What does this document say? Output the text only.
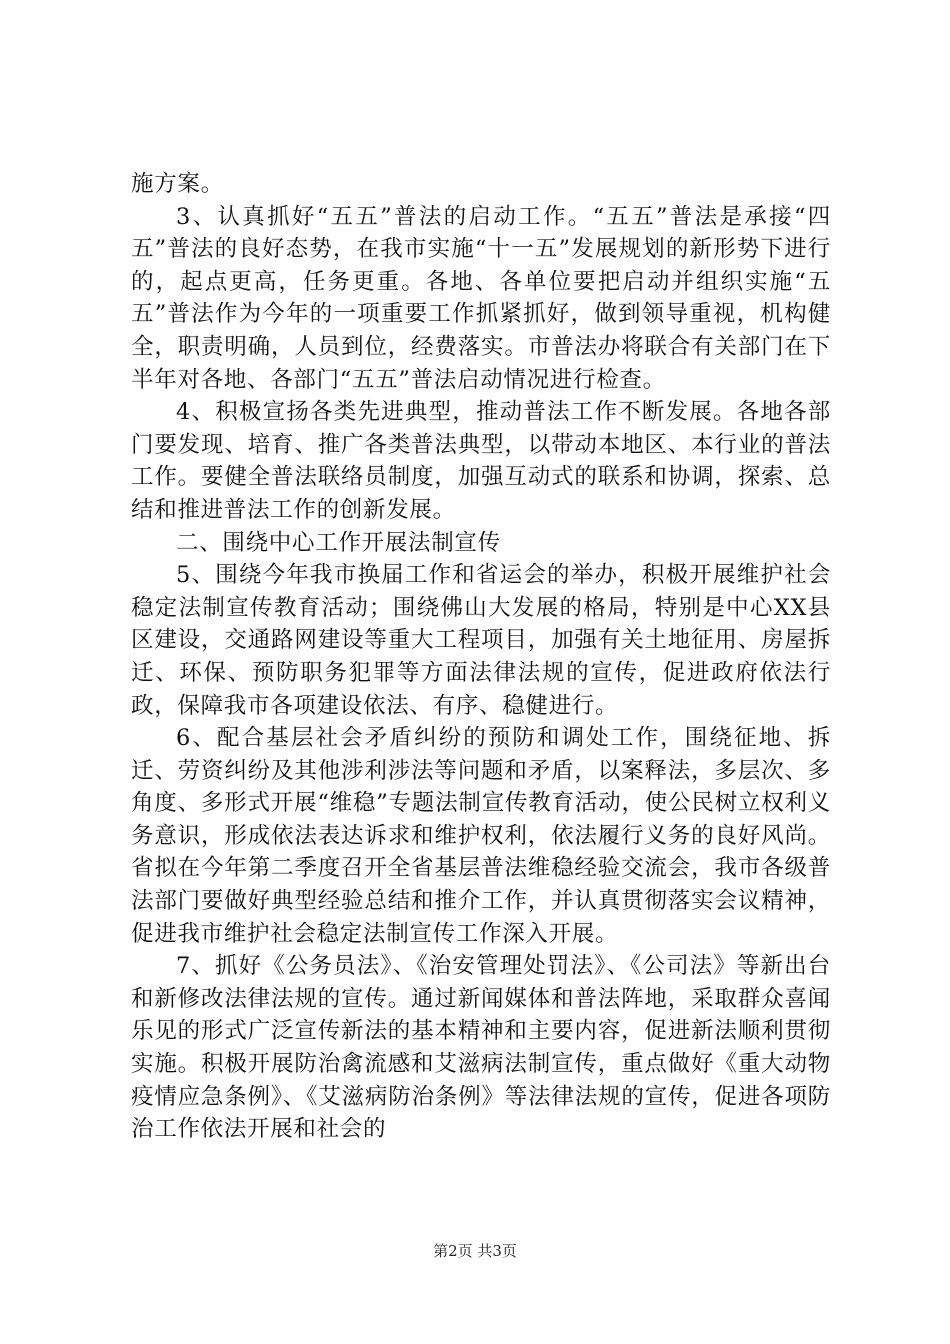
施方案。

3、认真抓好“五五”普法的启动工作。“五五”普法是承接“四五”普法的良好态势，在我市实施“十一五”发展规划的新形势下进行的，起点更高，任务更重。各地、各单位要把启动并组织实施“五五”普法作为今年的一项重要工作抓紧抓好，做到领导重视，机构健全，职责明确，人员到位，经费落实。市普法办将联合有关部门在下半年对各地、各部门“五五”普法启动情况进行检查。

4、积极宣扬各类先进典型，推动普法工作不断发展。各地各部门要发现、培育、推广各类普法典型，以带动本地区、本行业的普法工作。要健全普法联络员制度，加强互动式的联系和协调，探索、总结和推进普法工作的创新发展。

二、围绕中心工作开展法制宣传

5、围绕今年我市换届工作和省运会的举办，积极开展维护社会稳定法制宣传教育活动；围绕佛山大发展的格局，特别是中心XX县区建设，交通路网建设等重大工程项目，加强有关土地征用、房屋拆迁、环保、预防职务犯罪等方面法律法规的宣传，促进政府依法行政，保障我市各项建设依法、有序、稳健进行。

6、配合基层社会矛盾纠纷的预防和调处工作，围绕征地、拆迁、劳资纠纷及其他涉利涉法等问题和矛盾，以案释法，多层次、多角度、多形式开展“维稳”专题法制宣传教育活动，使公民树立权利义务意识，形成依法表达诉求和维护权利，依法履行义务的良好风尚。省拟在今年第二季度召开全省基层普法维稳经验交流会，我市各级普法部门要做好典型经验总结和推介工作，并认真贯彻落实会议精神，促进我市维护社会稳定法制宣传工作深入开展。

7、抓好《公务员法》、《治安管理处罚法》、《公司法》等新出台和新修改法律法规的宣传。通过新闻媒体和普法阵地，采取群众喜闻乐见的形式广泛宣传新法的基本精神和主要内容，促进新法顺利贯彻实施。积极开展防治禽流感和艾滋病法制宣传，重点做好《重大动物疫情应急条例》、《艾滋病防治条例》等法律法规的宣传，促进各项防治工作依法开展和社会的

第2页 共3页
